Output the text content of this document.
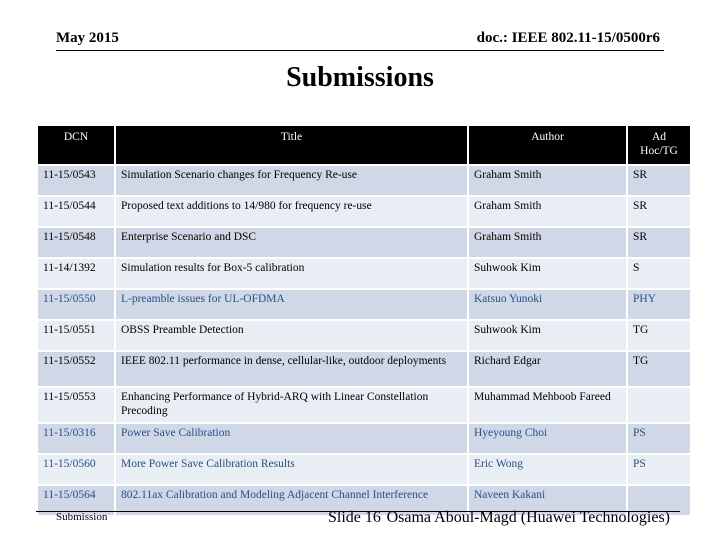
May 2015	doc.: IEEE 802.11-15/0500r6
Submissions
DCN	Title	Author	Ad Hoc/TG
11-15/0543	Simulation Scenario changes for Frequency Re-use	Graham Smith	SR
11-15/0544	Proposed text additions to 14/980 for frequency re-use	Graham Smith	SR
11-15/0548	Enterprise Scenario and DSC	Graham Smith	SR
11-14/1392	Simulation results for Box-5 calibration	Suhwook Kim	S
11-15/0550	L-preamble issues for UL-OFDMA	Katsuo Yunoki	PHY
11-15/0551	OBSS Preamble Detection	Suhwook Kim	TG
11-15/0552	IEEE 802.11 performance in dense, cellular-like, outdoor deployments	Richard Edgar	TG
11-15/0553	Enhancing Performance of Hybrid-ARQ with Linear Constellation Precoding	Muhammad Mehboob Fareed	
11-15/0316	Power Save Calibration	Hyeyoung Choi	PS
11-15/0560	More Power Save Calibration Results	Eric Wong	PS
11-15/0564	802.11ax Calibration and Modeling Adjacent Channel Interference	Naveen Kakani	
Submission	Slide 16 Osama Aboul-Magd (Huawei Technologies)
